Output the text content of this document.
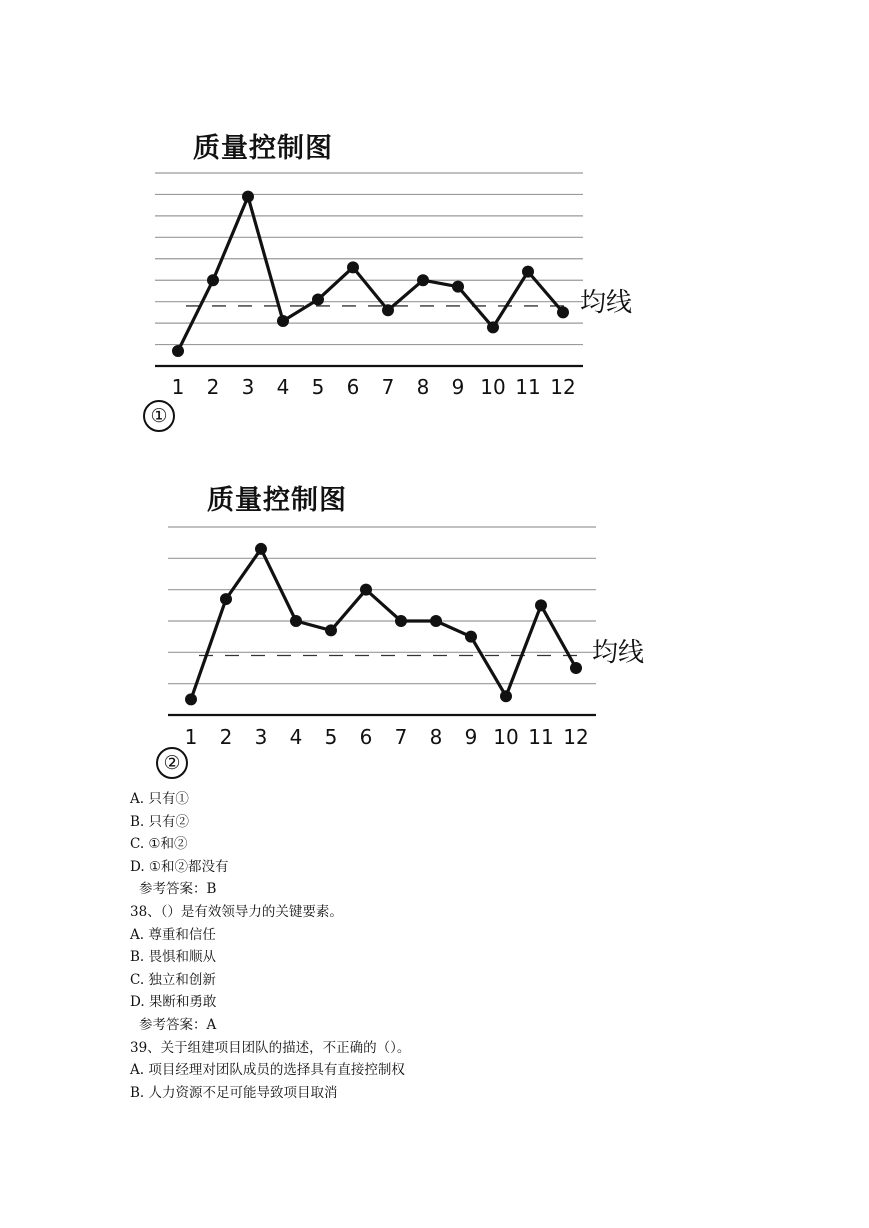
质量控制图
均线
1	2	3	4	5	6	7	8	9 10 11 12
①
质量控制图
均线
1	2	3	4	5	6	7	8	9 10 11 12
②
A. 只有①
B. 只有②
C. ①和②
D. ①和②都没有
参考答案：B
38、（）是有效领导力的关键要素。
A. 尊重和信任
B. 畏惧和顺从
C. 独立和创新
D. 果断和勇敢
参考答案：A
39、关于组建项目团队的描述，不正确的（）。
A. 项目经理对团队成员的选择具有直接控制权
B. 人力资源不足可能导致项目取消
